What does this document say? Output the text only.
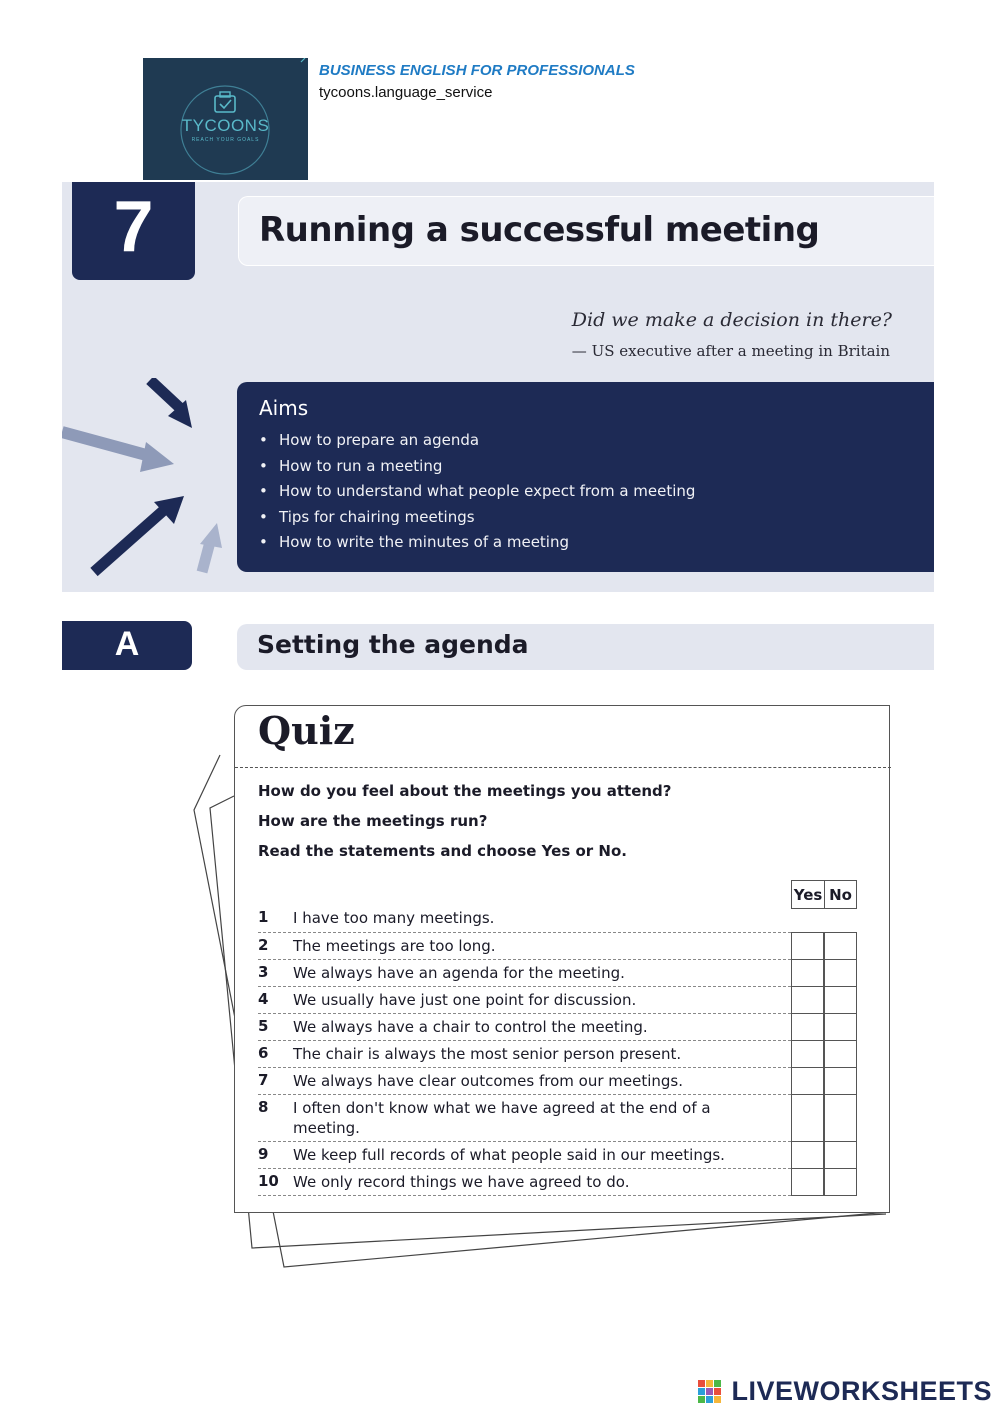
TYCOONS
REACH YOUR GOALS
BUSINESS ENGLISH FOR PROFESSIONALS
tycoons.language_service
7	Running a successful meeting
Did we make a decision in there?
— US executive after a meeting in Britain
Aims
• How to prepare an agenda
• How to run a meeting
• How to understand what people expect from a meeting
• Tips for chairing meetings
• How to write the minutes of a meeting
A	Setting the agenda
Quiz
How do you feel about the meetings you attend?
How are the meetings run?
Read the statements and choose Yes or No.
Yes No
1 I have too many meetings.
2 The meetings are too long.
3 We always have an agenda for the meeting.
4 We usually have just one point for discussion.
5 We always have a chair to control the meeting.
6 The chair is always the most senior person present.
7 We always have clear outcomes from our meetings.
8 I often don't know what we have agreed at the end of a meeting.
9 We keep full records of what people said in our meetings.
10 We only record things we have agreed to do.
LIVEWORKSHEETS
